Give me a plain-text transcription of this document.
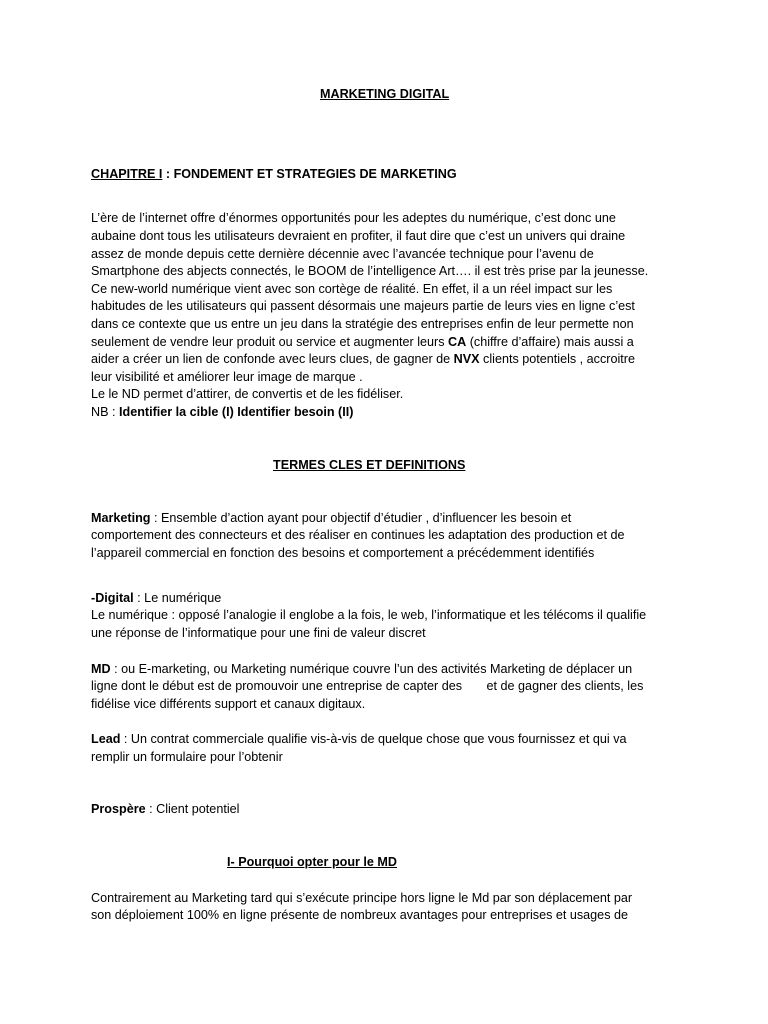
MARKETING DIGITAL
CHAPITRE I : FONDEMENT ET STRATEGIES DE MARKETING
L’ère de l’internet offre d’énormes opportunités pour les adeptes du numérique, c’est donc une
aubaine dont tous les utilisateurs devraient en profiter, il faut dire que c’est un univers qui draine
assez de monde depuis cette dernière décennie avec l’avancée technique pour l’avenu de
Smartphone des abjects connectés, le BOOM de l’intelligence Art…. il est très prise par la jeunesse.
Ce new-world numérique vient avec son cortège de réalité. En effet, il a un réel impact sur les
habitudes de les utilisateurs qui passent désormais une majeurs partie de leurs vies en ligne c’est
dans ce contexte que us entre un jeu dans la stratégie des entreprises enfin de leur permette non
seulement de vendre leur produit ou service et augmenter leurs CA (chiffre d’affaire) mais aussi a
aider a créer un lien de confonde avec leurs clues, de gagner de NVX clients potentiels , accroitre
leur visibilité et améliorer leur image de marque .
Le le ND permet d’attirer, de convertis et de les fidéliser.
NB : Identifier la cible (I) Identifier besoin (II)
TERMES CLES ET DEFINITIONS
Marketing : Ensemble d’action ayant pour objectif d’étudier , d’influencer les besoin et
comportement des connecteurs et des réaliser en continues les adaptation des production et de
l’appareil commercial en fonction des besoins et comportement a précédemment identifiés
-Digital : Le numérique
Le numérique : opposé l’analogie il englobe a la fois, le web, l’informatique et les télécoms il qualifie
une réponse de l’informatique pour une fini de valeur discret
MD : ou E-marketing, ou Marketing numérique couvre l’un des activités Marketing de déplacer un
ligne dont le début est de promouvoir une entreprise de capter des       et de gagner des clients, les
fidélise vice différents support et canaux digitaux.
Lead : Un contrat commerciale qualifie vis-à-vis de quelque chose que vous fournissez et qui va
remplir un formulaire pour l’obtenir
Prospère : Client potentiel
I- Pourquoi opter pour le MD
Contrairement au Marketing tard qui s’exécute principe hors ligne le Md par son déplacement par
son déploiement 100% en ligne présente de nombreux avantages pour entreprises et usages de
